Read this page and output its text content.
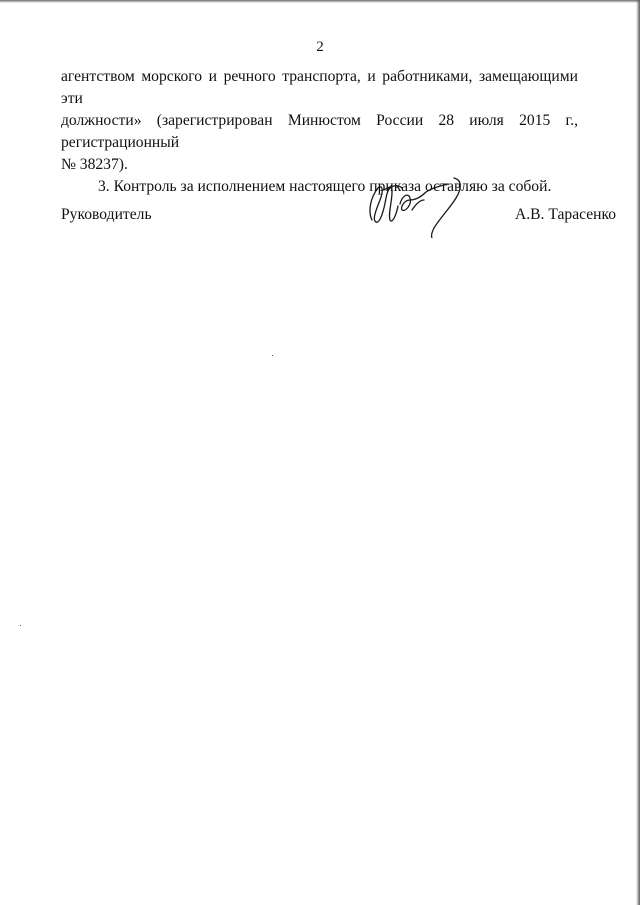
2

агентством морского и речного транспорта, и работниками, замещающими эти

должности» (зарегистрирован Минюстом России 28 июля 2015 г., регистрационный

№ 38237).

3. Контроль за исполнением настоящего приказа оставляю за собой.

Руководитель	А.В. Тарасенко
